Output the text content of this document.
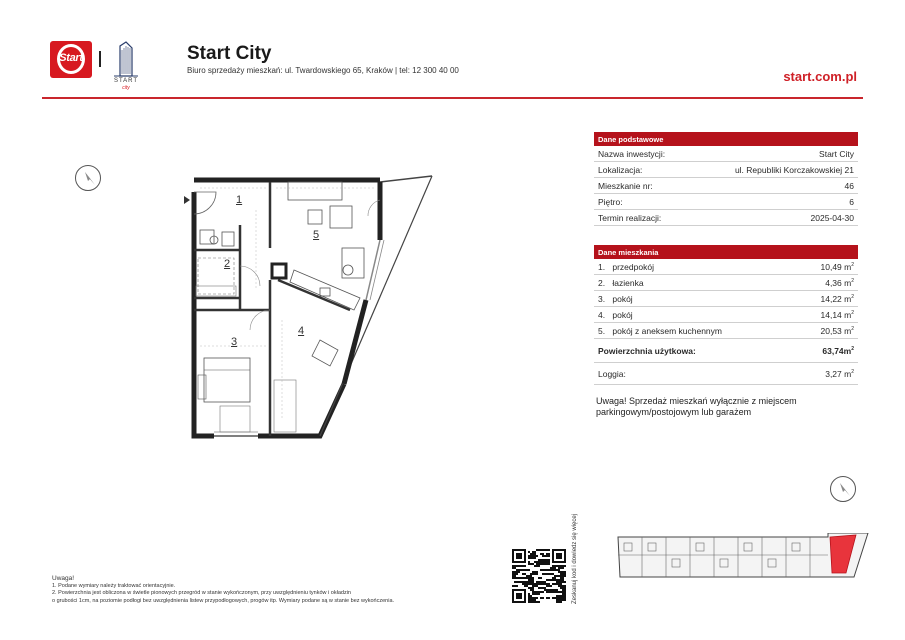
Start
START
city
Start City
Biuro sprzedaży mieszkań: ul. Twardowskiego 65, Kraków | tel: 12 300 40 00	start.com.pl
1
2
3
4
5
Dane podstawowe
Nazwa inwestycji:	Start City
Lokalizacja:	ul. Republiki Korczakowskiej 21
Mieszkanie nr:	46
Piętro:	6
Termin realizacji:	2025-04-30
Dane mieszkania
1. przedpokój	10,49 $m^2$
2. łazienka	4,36 $m^2$
3. pokój	14,22 $m^2$
4. pokój	14,14 $m^2$
5. pokój z aneksem kuchennym	20,53 $m^2$
Powierzchnia użytkowa:	$63,74m^2$
Loggia:	3,27 $m^2$
Uwaga! Sprzedaż mieszkań wyłącznie z miejscem parkingowym/postojowym lub garażem
Uwaga!
1. Podane wymiary należy traktować orientacyjnie.
2. Powierzchnia jest obliczona w świetle pionowych przegród w stanie wykończonym, przy uwzględnieniu tynków i okładzin
o grubości 1cm, na poziomie podłogi bez uwzględnienia listew przypodłogowych, progów itp. Wymiary podane są w stanie bez wykończenia.	Zeskanuj kod i dowiedz się więcej
